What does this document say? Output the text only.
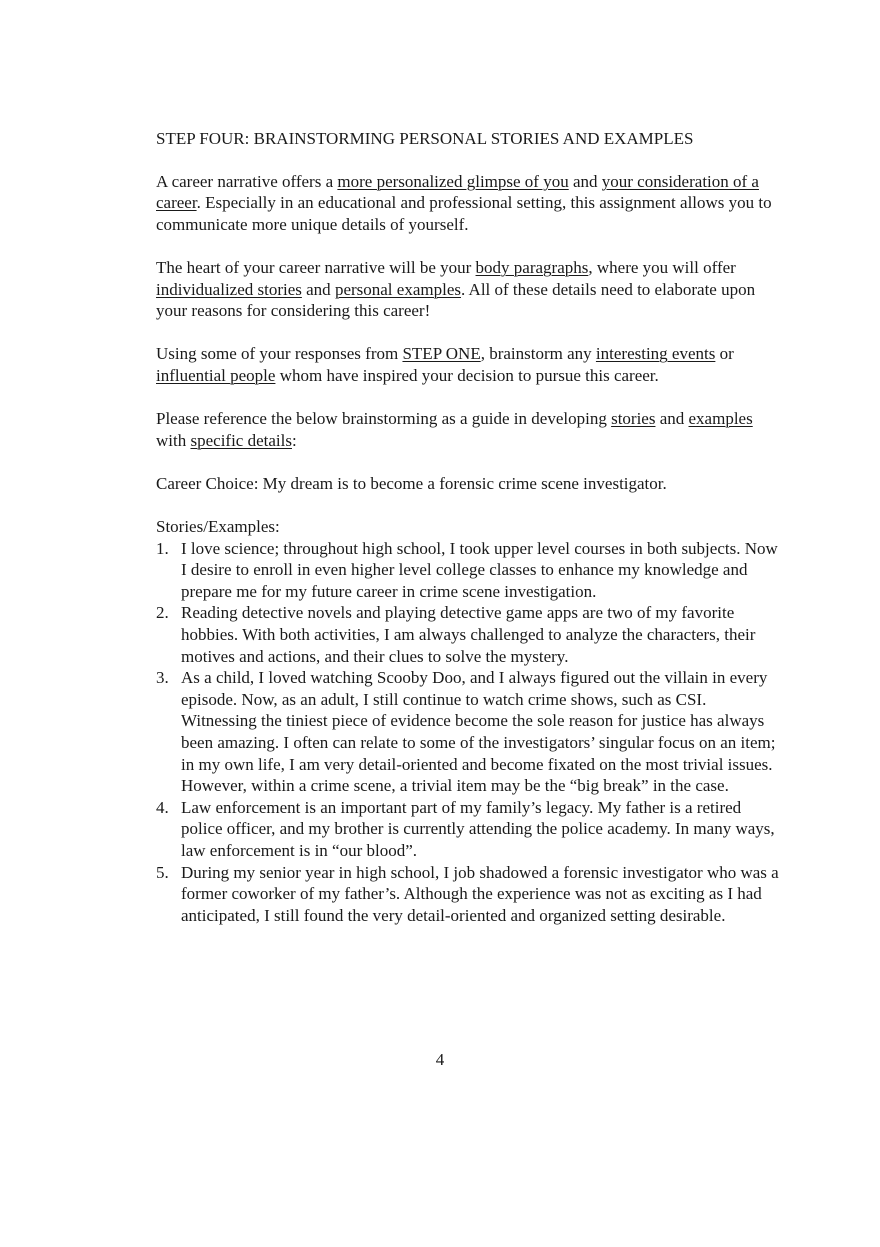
STEP FOUR: BRAINSTORMING PERSONAL STORIES AND EXAMPLES

A career narrative offers a more personalized glimpse of you and your consideration of a career. Especially in an educational and professional setting, this assignment allows you to communicate more unique details of yourself.

The heart of your career narrative will be your body paragraphs, where you will offer individualized stories and personal examples. All of these details need to elaborate upon your reasons for considering this career!

Using some of your responses from STEP ONE, brainstorm any interesting events or influential people whom have inspired your decision to pursue this career.

Please reference the below brainstorming as a guide in developing stories and examples with specific details:

Career Choice: My dream is to become a forensic crime scene investigator.

Stories/Examples:

I love science; throughout high school, I took upper level courses in both subjects. Now I desire to enroll in even higher level college classes to enhance my knowledge and prepare me for my future career in crime scene investigation.
Reading detective novels and playing detective game apps are two of my favorite hobbies. With both activities, I am always challenged to analyze the characters, their motives and actions, and their clues to solve the mystery.
As a child, I loved watching Scooby Doo, and I always figured out the villain in every episode. Now, as an adult, I still continue to watch crime shows, such as CSI. Witnessing the tiniest piece of evidence become the sole reason for justice has always been amazing. I often can relate to some of the investigators’ singular focus on an item; in my own life, I am very detail-oriented and become fixated on the most trivial issues. However, within a crime scene, a trivial item may be the “big break” in the case.
Law enforcement is an important part of my family’s legacy. My father is a retired police officer, and my brother is currently attending the police academy. In many ways, law enforcement is in “our blood”.
During my senior year in high school, I job shadowed a forensic investigator who was a former coworker of my father’s. Although the experience was not as exciting as I had anticipated, I still found the very detail-oriented and organized setting desirable.
4
